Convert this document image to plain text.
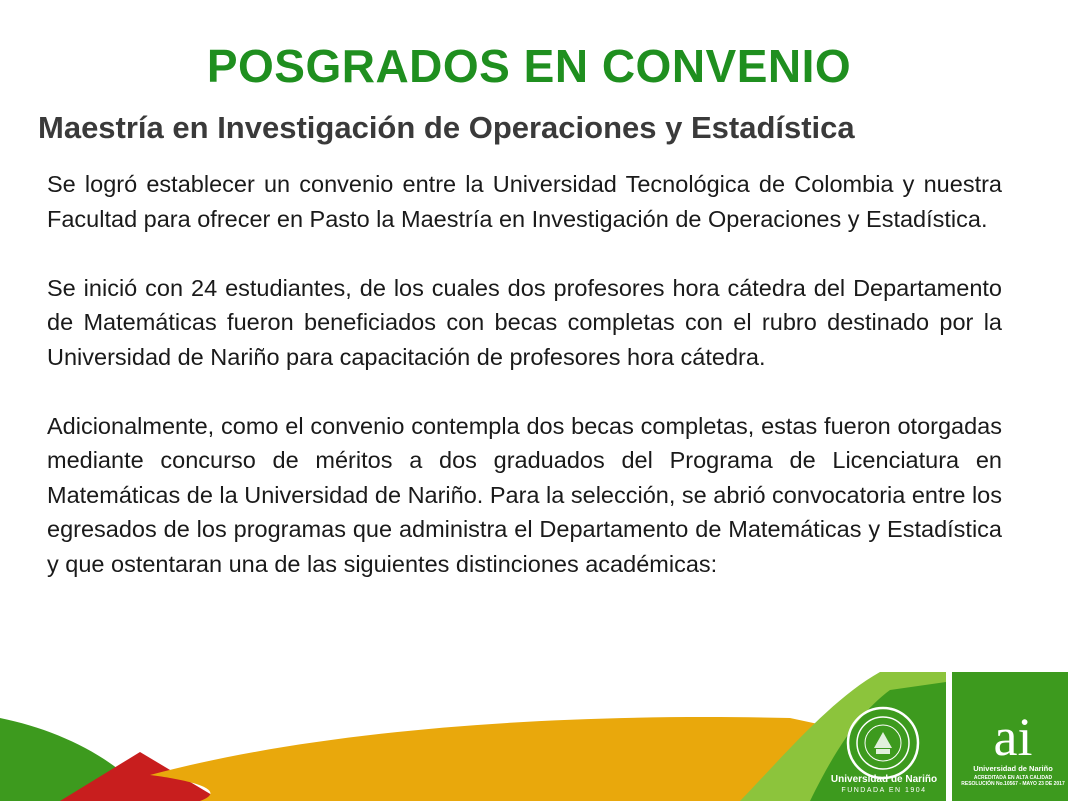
POSGRADOS EN CONVENIO
Maestría en Investigación de Operaciones y Estadística

Se logró establecer un convenio entre la Universidad Tecnológica de Colombia y nuestra Facultad para ofrecer en Pasto la Maestría en Investigación de Operaciones y Estadística.

Se inició con 24 estudiantes, de los cuales dos profesores hora cátedra del Departamento de Matemáticas fueron beneficiados con becas completas con el rubro destinado por la Universidad de Nariño para capacitación de profesores hora cátedra.

Adicionalmente, como el convenio contempla dos becas completas, estas fueron otorgadas mediante concurso de méritos a dos graduados del Programa de Licenciatura en Matemáticas de la Universidad de Nariño. Para la selección, se abrió convocatoria entre los egresados de los programas que administra el Departamento de Matemáticas y Estadística y que ostentaran una de las siguientes distinciones académicas:

Universidad de Nariño
FUNDADA EN 1904
ai
Universidad de Nariño
ACREDITADA EN ALTA CALIDAD
RESOLUCIÓN No.10567 - MAYO 23 DE 2017
